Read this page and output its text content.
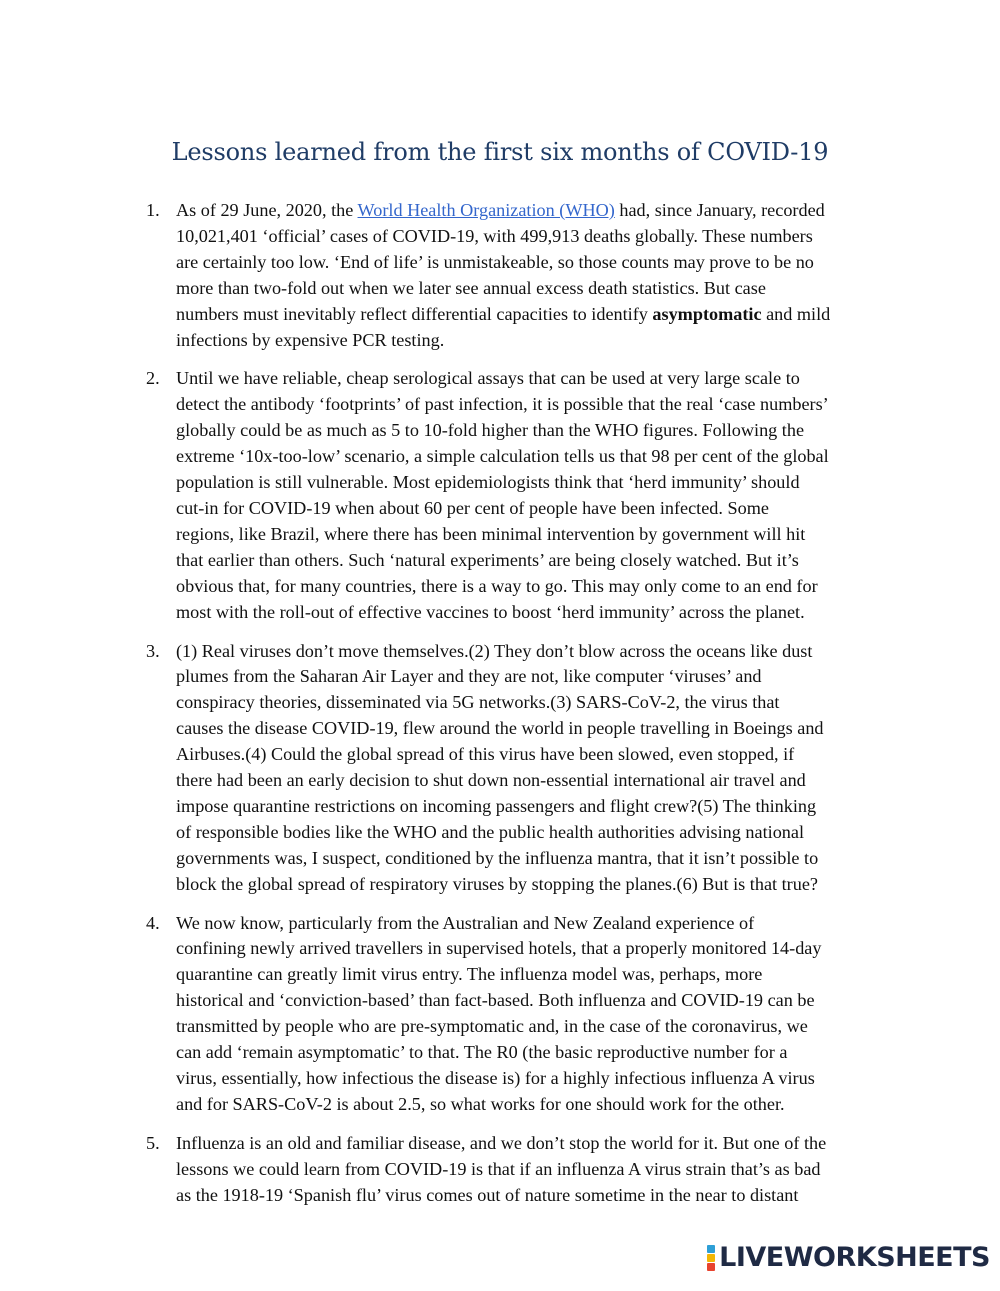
Lessons learned from the first six months of COVID-19
1. As of 29 June, 2020, the World Health Organization (WHO) had, since January, recorded
10,021,401 ‘official’ cases of COVID-19, with 499,913 deaths globally. These numbers
are certainly too low. ‘End of life’ is unmistakeable, so those counts may prove to be no
more than two-fold out when we later see annual excess death statistics. But case
numbers must inevitably reflect differential capacities to identify asymptomatic and mild
infections by expensive PCR testing.
2. Until we have reliable, cheap serological assays that can be used at very large scale to
detect the antibody ‘footprints’ of past infection, it is possible that the real ‘case numbers’
globally could be as much as 5 to 10-fold higher than the WHO figures. Following the
extreme ‘10x-too-low’ scenario, a simple calculation tells us that 98 per cent of the global
population is still vulnerable. Most epidemiologists think that ‘herd immunity’ should
cut-in for COVID-19 when about 60 per cent of people have been infected. Some
regions, like Brazil, where there has been minimal intervention by government will hit
that earlier than others. Such ‘natural experiments’ are being closely watched. But it’s
obvious that, for many countries, there is a way to go. This may only come to an end for
most with the roll-out of effective vaccines to boost ‘herd immunity’ across the planet.
3. (1) Real viruses don’t move themselves.(2) They don’t blow across the oceans like dust
plumes from the Saharan Air Layer and they are not, like computer ‘viruses’ and
conspiracy theories, disseminated via 5G networks.(3) SARS-CoV-2, the virus that
causes the disease COVID-19, flew around the world in people travelling in Boeings and
Airbuses.(4) Could the global spread of this virus have been slowed, even stopped, if
there had been an early decision to shut down non-essential international air travel and
impose quarantine restrictions on incoming passengers and flight crew?(5) The thinking
of responsible bodies like the WHO and the public health authorities advising national
governments was, I suspect, conditioned by the influenza mantra, that it isn’t possible to
block the global spread of respiratory viruses by stopping the planes.(6) But is that true?
4. We now know, particularly from the Australian and New Zealand experience of
confining newly arrived travellers in supervised hotels, that a properly monitored 14-day
quarantine can greatly limit virus entry. The influenza model was, perhaps, more
historical and ‘conviction-based’ than fact-based. Both influenza and COVID-19 can be
transmitted by people who are pre-symptomatic and, in the case of the coronavirus, we
can add ‘remain asymptomatic’ to that. The R0 (the basic reproductive number for a
virus, essentially, how infectious the disease is) for a highly infectious influenza A virus
and for SARS-CoV-2 is about 2.5, so what works for one should work for the other.
5. Influenza is an old and familiar disease, and we don’t stop the world for it. But one of the
lessons we could learn from COVID-19 is that if an influenza A virus strain that’s as bad
as the 1918-19 ‘Spanish flu’ virus comes out of nature sometime in the near to distant
LIVEWORKSHEETS
